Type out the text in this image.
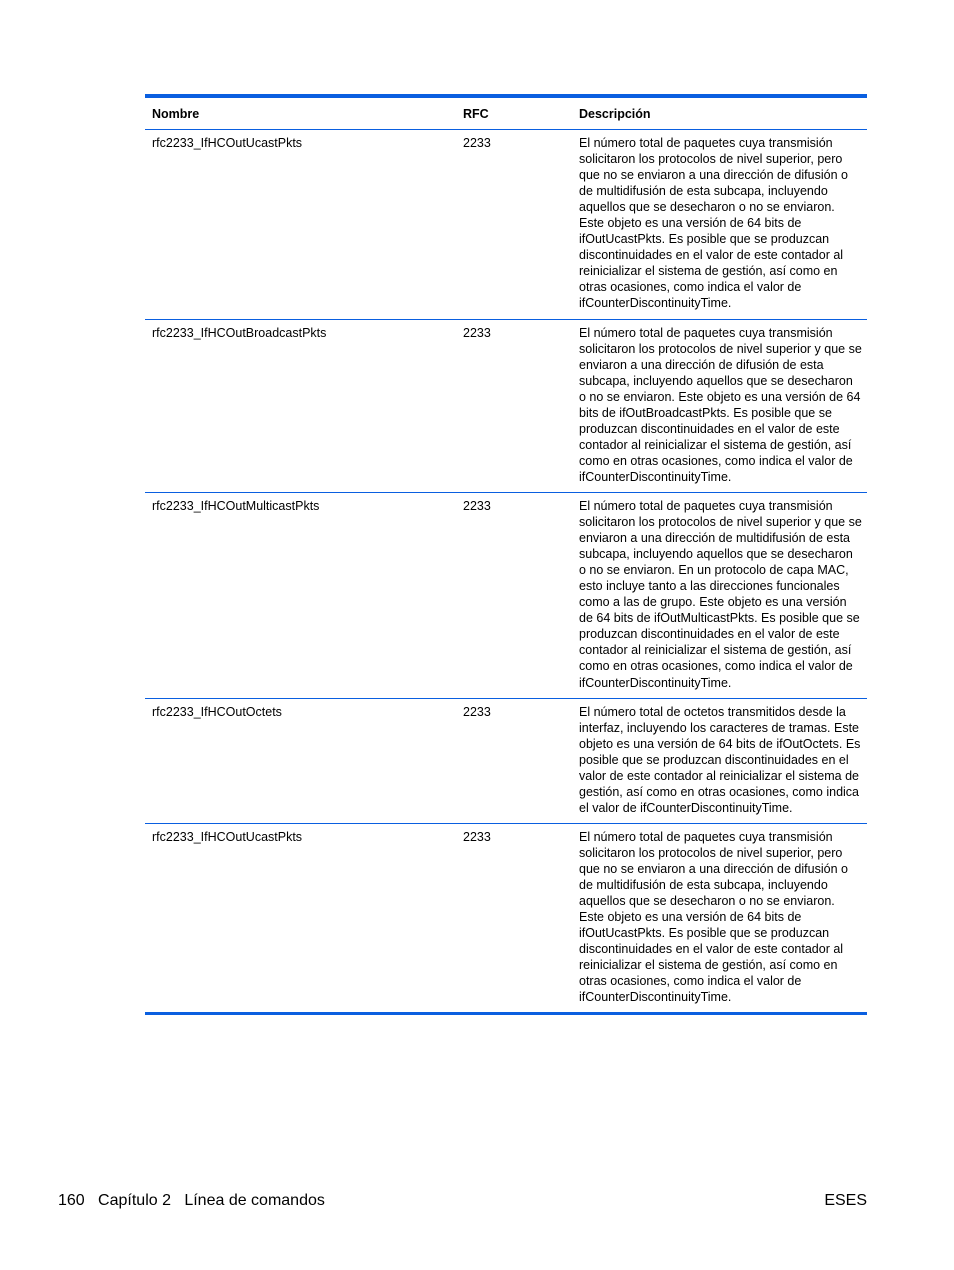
Nombre	RFC	Descripción
rfc2233_IfHCOutUcastPkts	2233	El número total de paquetes cuya transmisión solicitaron los protocolos de nivel superior, pero que no se enviaron a una dirección de difusión o de multidifusión de esta subcapa, incluyendo aquellos que se desecharon o no se enviaron. Este objeto es una versión de 64 bits de ifOutUcastPkts. Es posible que se produzcan discontinuidades en el valor de este contador al reinicializar el sistema de gestión, así como en otras ocasiones, como indica el valor de ifCounterDiscontinuityTime.
rfc2233_IfHCOutBroadcastPkts	2233	El número total de paquetes cuya transmisión solicitaron los protocolos de nivel superior y que se enviaron a una dirección de difusión de esta subcapa, incluyendo aquellos que se desecharon o no se enviaron. Este objeto es una versión de 64 bits de ifOutBroadcastPkts. Es posible que se produzcan discontinuidades en el valor de este contador al reinicializar el sistema de gestión, así como en otras ocasiones, como indica el valor de ifCounterDiscontinuityTime.
rfc2233_IfHCOutMulticastPkts	2233	El número total de paquetes cuya transmisión solicitaron los protocolos de nivel superior y que se enviaron a una dirección de multidifusión de esta subcapa, incluyendo aquellos que se desecharon o no se enviaron. En un protocolo de capa MAC, esto incluye tanto a las direcciones funcionales como a las de grupo. Este objeto es una versión de 64 bits de ifOutMulticastPkts. Es posible que se produzcan discontinuidades en el valor de este contador al reinicializar el sistema de gestión, así como en otras ocasiones, como indica el valor de ifCounterDiscontinuityTime.
rfc2233_IfHCOutOctets	2233	El número total de octetos transmitidos desde la interfaz, incluyendo los caracteres de tramas. Este objeto es una versión de 64 bits de ifOutOctets. Es posible que se produzcan discontinuidades en el valor de este contador al reinicializar el sistema de gestión, así como en otras ocasiones, como indica el valor de ifCounterDiscontinuityTime.
rfc2233_IfHCOutUcastPkts	2233	El número total de paquetes cuya transmisión solicitaron los protocolos de nivel superior, pero que no se enviaron a una dirección de difusión o de multidifusión de esta subcapa, incluyendo aquellos que se desecharon o no se enviaron. Este objeto es una versión de 64 bits de ifOutUcastPkts. Es posible que se produzcan discontinuidades en el valor de este contador al reinicializar el sistema de gestión, así como en otras ocasiones, como indica el valor de ifCounterDiscontinuityTime.
160 Capítulo 2 Línea de comandos	ESES
